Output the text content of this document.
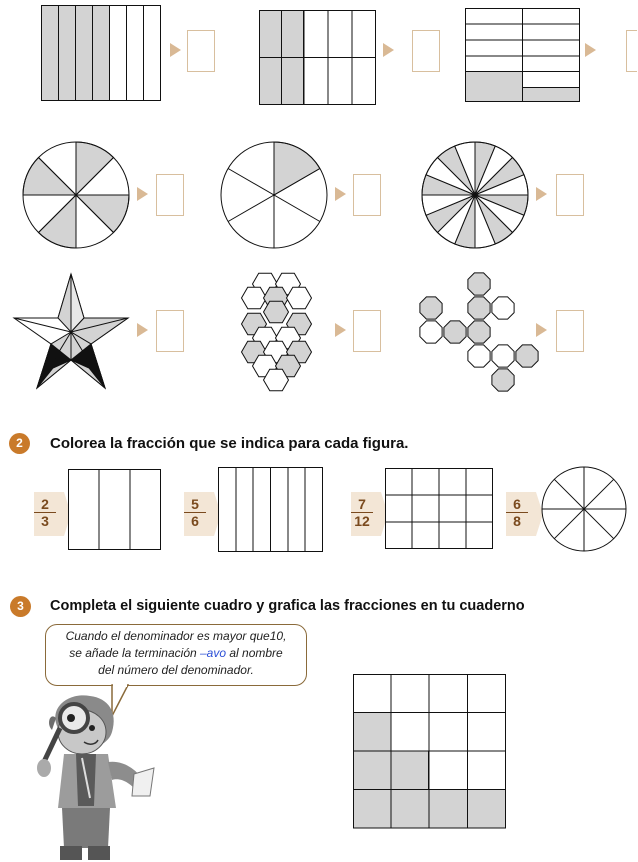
2	Colorea la fracción que se indica para cada figura.
$\frac{2}{3}$	$\frac{5}{6}$	$\frac{7}{12}$	$\frac{6}{8}$
3	Completa el siguiente cuadro y grafica las fracciones en tu cuaderno
Cuando el denominador es mayor que10,
se añade la terminación –avo al nombre
del número del denominador.
